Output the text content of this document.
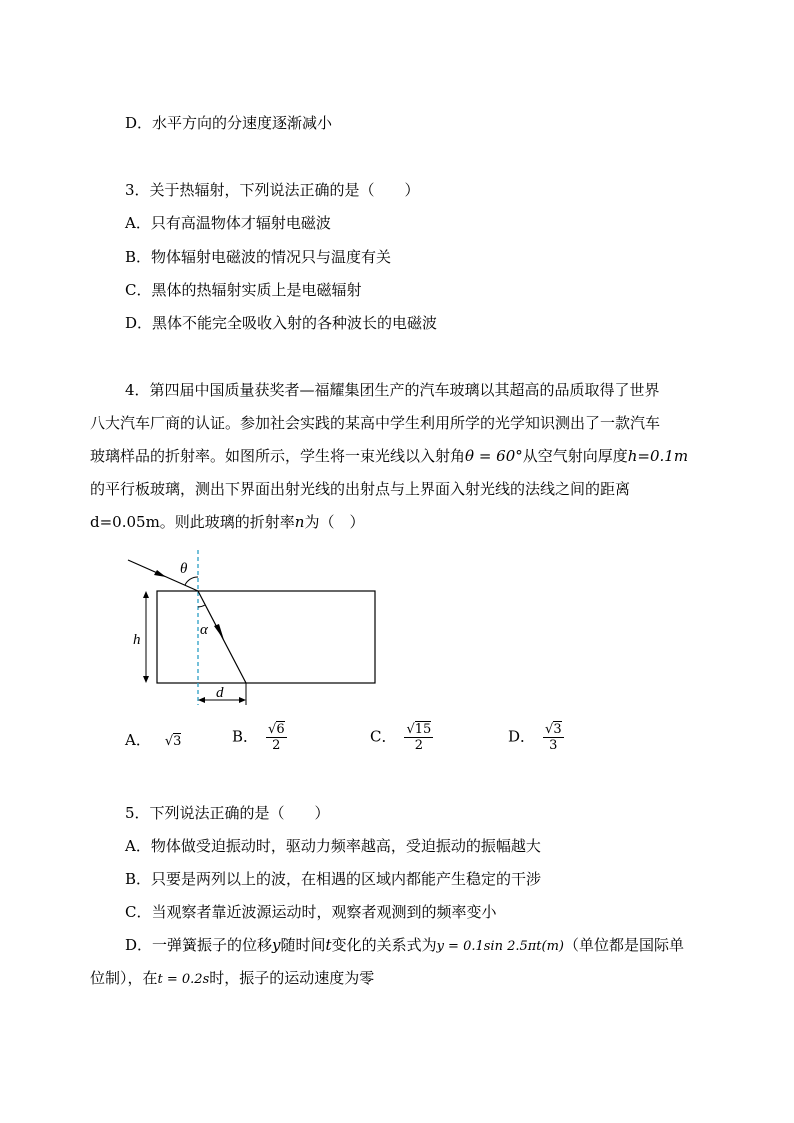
D．水平方向的分速度逐渐减小
3．关于热辐射，下列说法正确的是（　　）
A．只有高温物体才辐射电磁波
B．物体辐射电磁波的情况只与温度有关
C．黑体的热辐射实质上是电磁辐射
D．黑体不能完全吸收入射的各种波长的电磁波
4．第四届中国质量获奖者—福耀集团生产的汽车玻璃以其超高的品质取得了世界
八大汽车厂商的认证。参加社会实践的某高中学生利用所学的光学知识测出了一款汽车
玻璃样品的折射率。如图所示，学生将一束光线以入射角θ = 60°从空气射向厚度h=0.1m
的平行板玻璃，测出下界面出射光线的出射点与上界面入射光线的法线之间的距离
d=0.05m。则此玻璃的折射率n为（　）
θ
α
h
d
A． √3	B． $\frac{√6}{2}$	C． $\frac{√15}{2}$	D． $\frac{√3}{3}$
5．下列说法正确的是（　　）
A．物体做受迫振动时，驱动力频率越高，受迫振动的振幅越大
B．只要是两列以上的波，在相遇的区域内都能产生稳定的干涉
C．当观察者靠近波源运动时，观察者观测到的频率变小
D．一弹簧振子的位移y随时间t变化的关系式为y = 0.1sin 2.5πt(m)（单位都是国际单
位制），在t = 0.2s时，振子的运动速度为零
